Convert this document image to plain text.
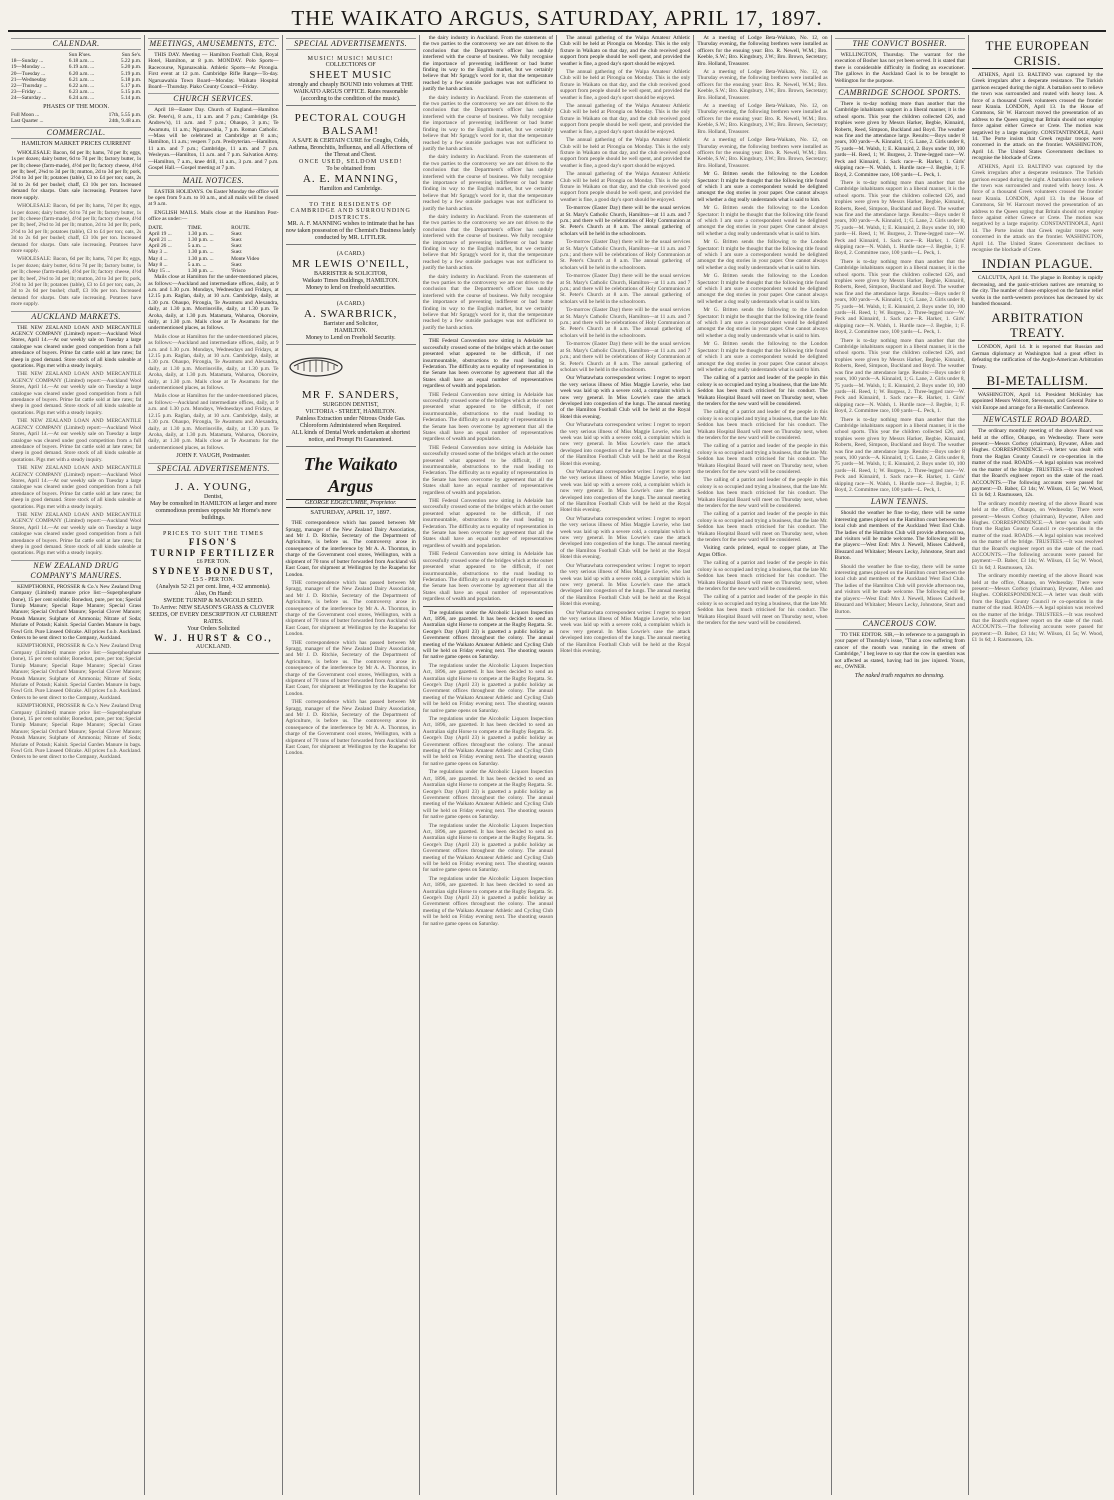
THE WAIKATO ARGUS, SATURDAY, APRIL 17, 1897.
CALENDAR.
	Sun R'ses.	Sun Se's.
18—Sunday ...	6.18 a.m. ...	5.22 p.m.
19—Monday ...	6.19 a.m. ...	5.20 p.m.
20—Tuesday ...	6.20 a.m. ...	5.19 p.m.
21—Wednesday	6.21 a.m. ...	5.18 p.m.
22—Thursday ...	6.22 a.m. ...	5.17 p.m.
23—Friday ...	6.23 a.m. ...	5.15 p.m.
24—Saturday ...	6.24 a.m. ...	5.14 p.m.
PHASES OF THE MOON.
Full Moon ...	17th, 5.55 p.m.
Last Quarter ...	24th, 9.48 a.m.
COMMERCIAL.
HAMILTON MARKET PRICES CURRENT

WHOLESALE: Bacon, 6d per lb; hams, 7d per lb; eggs, 1s per dozen; dairy butter, 6d to 7d per lb; factory butter, 1s per lb; cheese (farm-made), 4½d per lb; factory cheese, 4½d per lb; beef, 2¾d to 3d per lb; mutton, 2d to 3d per lb; pork, 2½d to 3d per lb; potatoes (table), £3 to £4 per ton; oats, 2s 3d to 2s 6d per bushel; chaff, £3 10s per ton. Increased demand for sharps. Oats sale increasing. Potatoes have more supply.

WHOLESALE: Bacon, 6d per lb; hams, 7d per lb; eggs, 1s per dozen; dairy butter, 6d to 7d per lb; factory butter, 1s per lb; cheese (farm-made), 4½d per lb; factory cheese, 4½d per lb; beef, 2¾d to 3d per lb; mutton, 2d to 3d per lb; pork, 2½d to 3d per lb; potatoes (table), £3 to £4 per ton; oats, 2s 3d to 2s 6d per bushel; chaff, £3 10s per ton. Increased demand for sharps. Oats sale increasing. Potatoes have more supply.

WHOLESALE: Bacon, 6d per lb; hams, 7d per lb; eggs, 1s per dozen; dairy butter, 6d to 7d per lb; factory butter, 1s per lb; cheese (farm-made), 4½d per lb; factory cheese, 4½d per lb; beef, 2¾d to 3d per lb; mutton, 2d to 3d per lb; pork, 2½d to 3d per lb; potatoes (table), £3 to £4 per ton; oats, 2s 3d to 2s 6d per bushel; chaff, £3 10s per ton. Increased demand for sharps. Oats sale increasing. Potatoes have more supply.

AUCKLAND MARKETS.

THE NEW ZEALAND LOAN AND MERCANTILE AGENCY COMPANY (Limited) report:—Auckland Wool Stores, April 14.—At our weekly sale on Tuesday a large catalogue was cleared under good competition from a full attendance of buyers. Prime fat cattle sold at late rates; fat sheep in good demand. Store stock of all kinds saleable at quotations. Pigs met with a steady inquiry.

THE NEW ZEALAND LOAN AND MERCANTILE AGENCY COMPANY (Limited) report:—Auckland Wool Stores, April 14.—At our weekly sale on Tuesday a large catalogue was cleared under good competition from a full attendance of buyers. Prime fat cattle sold at late rates; fat sheep in good demand. Store stock of all kinds saleable at quotations. Pigs met with a steady inquiry.

THE NEW ZEALAND LOAN AND MERCANTILE AGENCY COMPANY (Limited) report:—Auckland Wool Stores, April 14.—At our weekly sale on Tuesday a large catalogue was cleared under good competition from a full attendance of buyers. Prime fat cattle sold at late rates; fat sheep in good demand. Store stock of all kinds saleable at quotations. Pigs met with a steady inquiry.

THE NEW ZEALAND LOAN AND MERCANTILE AGENCY COMPANY (Limited) report:—Auckland Wool Stores, April 14.—At our weekly sale on Tuesday a large catalogue was cleared under good competition from a full attendance of buyers. Prime fat cattle sold at late rates; fat sheep in good demand. Store stock of all kinds saleable at quotations. Pigs met with a steady inquiry.

THE NEW ZEALAND LOAN AND MERCANTILE AGENCY COMPANY (Limited) report:—Auckland Wool Stores, April 14.—At our weekly sale on Tuesday a large catalogue was cleared under good competition from a full attendance of buyers. Prime fat cattle sold at late rates; fat sheep in good demand. Store stock of all kinds saleable at quotations. Pigs met with a steady inquiry.

NEW ZEALAND DRUG COMPANY'S MANURES.

KEMPTHORNE, PROSSER & Co.'s New Zealand Drug Company (Limited) manure price list:—Superphosphate (bone), 15 per cent soluble; Bonedust, pure, per ton; Special Turnip Manure; Special Rape Manure; Special Grass Manure; Special Orchard Manure; Special Clover Manure; Potash Manure; Sulphate of Ammonia; Nitrate of Soda; Muriate of Potash; Kainit. Special Garden Manure in bags. Fowl Grit. Pure Linseed Oilcake. All prices f.o.b. Auckland. Orders to be sent direct to the Company, Auckland.

KEMPTHORNE, PROSSER & Co.'s New Zealand Drug Company (Limited) manure price list:—Superphosphate (bone), 15 per cent soluble; Bonedust, pure, per ton; Special Turnip Manure; Special Rape Manure; Special Grass Manure; Special Orchard Manure; Special Clover Manure; Potash Manure; Sulphate of Ammonia; Nitrate of Soda; Muriate of Potash; Kainit. Special Garden Manure in bags. Fowl Grit. Pure Linseed Oilcake. All prices f.o.b. Auckland. Orders to be sent direct to the Company, Auckland.

KEMPTHORNE, PROSSER & Co.'s New Zealand Drug Company (Limited) manure price list:—Superphosphate (bone), 15 per cent soluble; Bonedust, pure, per ton; Special Turnip Manure; Special Rape Manure; Special Grass Manure; Special Orchard Manure; Special Clover Manure; Potash Manure; Sulphate of Ammonia; Nitrate of Soda; Muriate of Potash; Kainit. Special Garden Manure in bags. Fowl Grit. Pure Linseed Oilcake. All prices f.o.b. Auckland. Orders to be sent direct to the Company, Auckland.

MEETINGS, AMUSEMENTS, ETC.

THIS DAY. Meeting — Hamilton Football Club, Royal Hotel, Hamilton, at 8 p.m. MONDAY. Polo Sports—Racecourse, Ngaruawahia. Athletic Sports—At Pirongia. First event at 12 p.m. Cambridge Rifle Range—To-day. Ngaruawahia Town Board—Monday. Waikato Hospital Board—Thursday. Piako County Council—Friday.

CHURCH SERVICES.

April 18—Easter Day. Church of England.—Hamilton (St. Peter's), 8 a.m., 11 a.m. and 7 p.m.; Cambridge (St. Andrew's), 11 a.m. and 7 p.m.; Ohaupo, 3 p.m.; Te Awamutu, 11 a.m.; Ngaruawahia, 7 p.m. Roman Catholic.—Mass will be celebrated at Cambridge at 8 a.m.; Hamilton, 11 a.m.; vespers 7 p.m. Presbyterian.—Hamilton, 11 a.m. and 7 p.m.; Cambridge, 11 a.m. and 7 p.m. Wesleyan.—Hamilton, 11 a.m. and 7 p.m. Salvation Army.—Hamilton, 7 a.m., knee drill, 11 a.m., 3 p.m. and 7 p.m. Gospel Hall.—Gospel meeting at 7 p.m.

MAIL NOTICES.

EASTER HOLIDAYS. On Easter Monday the office will be open from 9 a.m. to 10 a.m., and all mails will be closed at 9 a.m.

ENGLISH MAILS. Mails close at the Hamilton Post-office as under:—

DATE.	TIME.	ROUTE.
April 19 ...	1.30 p.m. ...	Suez
April 21 ...	1.30 p.m. ...	Suez
April 26 ...	5 a.m. ...	Suez
May 3 ...	1.30 p.m. ...	Suez
May 4 ...	1.30 p.m. ...	Monte Video
May 8 ...	5 a.m. ...	Suez
May 15 ...	1.30 p.m. ...	'Frisco

Mails close at Hamilton for the under-mentioned places, as follows:—Auckland and intermediate offices, daily, at 9 a.m. and 1.30 p.m. Mondays, Wednesdays and Fridays, at 12.15 p.m. Raglan, daily, at 10 a.m. Cambridge, daily, at 1.30 p.m. Ohaupo, Pirongia, Te Awamutu and Alexandra, daily, at 1.30 p.m. Morrinsville, daily, at 1.30 p.m. Te Aroha, daily, at 1.30 p.m. Matamata, Waharoa, Okoroire, daily, at 1.30 p.m. Mails close at Te Awamutu for the undermentioned places, as follows.

Mails close at Hamilton for the under-mentioned places, as follows:—Auckland and intermediate offices, daily, at 9 a.m. and 1.30 p.m. Mondays, Wednesdays and Fridays, at 12.15 p.m. Raglan, daily, at 10 a.m. Cambridge, daily, at 1.30 p.m. Ohaupo, Pirongia, Te Awamutu and Alexandra, daily, at 1.30 p.m. Morrinsville, daily, at 1.30 p.m. Te Aroha, daily, at 1.30 p.m. Matamata, Waharoa, Okoroire, daily, at 1.30 p.m. Mails close at Te Awamutu for the undermentioned places, as follows.

Mails close at Hamilton for the under-mentioned places, as follows:—Auckland and intermediate offices, daily, at 9 a.m. and 1.30 p.m. Mondays, Wednesdays and Fridays, at 12.15 p.m. Raglan, daily, at 10 a.m. Cambridge, daily, at 1.30 p.m. Ohaupo, Pirongia, Te Awamutu and Alexandra, daily, at 1.30 p.m. Morrinsville, daily, at 1.30 p.m. Te Aroha, daily, at 1.30 p.m. Matamata, Waharoa, Okoroire, daily, at 1.30 p.m. Mails close at Te Awamutu for the undermentioned places, as follows.

JOHN F. VAUGH, Postmaster.
SPECIAL ADVERTISEMENTS.
J. A. YOUNG,
Dentist,
May be consulted in HAMILTON at larger and more commodious premises opposite Mr Horne's new buildings.
PRICES TO SUIT THE TIMES
FISON'S
TURNIP FERTILIZER
£6 PER TON.
SYDNEY BONEDUST,
£5 5 - PER TON.
(Analysis 52·21 per cent. lime, 4·32 ammonia).
Also, On Hand:
SWEDE TURNIP & MANGOLD SEED.
To Arrive: NEW SEASON'S GRASS & CLOVER SEEDS, OF EVERY DESCRIPTION AT CURRENT RATES.
Your Orders Solicited
W. J. HURST & CO.,
AUCKLAND.
SPECIAL ADVERTISEMENTS.
MUSIC! MUSIC! MUSIC!
COLLECTIONS OF
SHEET MUSIC
strongly and cheaply BOUND into volumes at THE WAIKATO ARGUS OFFICE. Rates reasonable (according to the condition of the music).
PECTORAL COUGH BALSAM!
A SAFE & CERTAIN CURE for Coughs, Colds, Asthma, Bronchitis, Influenza, and all Affections of the Throat and Chest.
ONCE USED, SELDOM USED!
To be obtained from
A. E. MANNING,
Hamilton and Cambridge.
TO THE RESIDENTS OF CAMBRIDGE AND SURROUNDING DISTRICTS.
MR. A. F. MANNING wishes to intimate that he has now taken possession of the Chemist's Business lately conducted by MR. LITTLER.
(A CARD.)
MR LEWIS O'NEILL,
BARRISTER & SOLICITOR,
Waikato Times Buildings, HAMILTON.
Money to lend on freehold securities.
(A CARD.)
A. SWARBRICK,
Barrister and Solicitor,
HAMILTON.
Money to Lend on Freehold Security.
MR F. SANDERS,
SURGEON DENTIST,
VICTORIA - STREET, HAMILTON.
Painless Extraction under Nitrous Oxide Gas. Chloroform Administered when Required.
ALL kinds of Dental Work undertaken at shortest notice, and Prompt Fit Guaranteed.
The Waikato Argus
GEORGE EDGECUMBE, Proprietor.
SATURDAY, APRIL 17, 1897.

THE correspondence which has passed between Mr Spragg, manager of the New Zealand Dairy Association, and Mr J. D. Ritchie, Secretary of the Department of Agriculture, is before us. The controversy arose in consequence of the interference by Mr A. A. Thornton, in charge of the Government cool stores, Wellington, with a shipment of 70 tons of butter forwarded from Auckland viâ East Coast, for shipment at Wellington by the Ruapehu for London.

THE correspondence which has passed between Mr Spragg, manager of the New Zealand Dairy Association, and Mr J. D. Ritchie, Secretary of the Department of Agriculture, is before us. The controversy arose in consequence of the interference by Mr A. A. Thornton, in charge of the Government cool stores, Wellington, with a shipment of 70 tons of butter forwarded from Auckland viâ East Coast, for shipment at Wellington by the Ruapehu for London.

THE correspondence which has passed between Mr Spragg, manager of the New Zealand Dairy Association, and Mr J. D. Ritchie, Secretary of the Department of Agriculture, is before us. The controversy arose in consequence of the interference by Mr A. A. Thornton, in charge of the Government cool stores, Wellington, with a shipment of 70 tons of butter forwarded from Auckland viâ East Coast, for shipment at Wellington by the Ruapehu for London.

THE correspondence which has passed between Mr Spragg, manager of the New Zealand Dairy Association, and Mr J. D. Ritchie, Secretary of the Department of Agriculture, is before us. The controversy arose in consequence of the interference by Mr A. A. Thornton, in charge of the Government cool stores, Wellington, with a shipment of 70 tons of butter forwarded from Auckland viâ East Coast, for shipment at Wellington by the Ruapehu for London.

the dairy industry in Auckland. From the statements of the two parties to the controversy we are not driven to the conclusion that the Department's officer has unduly interfered with the course of business. We fully recognise the importance of preventing indifferent or bad butter finding its way to the English market, but we certainly believe that Mr Spragg's word for it, that the temperature reached by a few outside packages was not sufficient to justify the harsh action.

the dairy industry in Auckland. From the statements of the two parties to the controversy we are not driven to the conclusion that the Department's officer has unduly interfered with the course of business. We fully recognise the importance of preventing indifferent or bad butter finding its way to the English market, but we certainly believe that Mr Spragg's word for it, that the temperature reached by a few outside packages was not sufficient to justify the harsh action.

the dairy industry in Auckland. From the statements of the two parties to the controversy we are not driven to the conclusion that the Department's officer has unduly interfered with the course of business. We fully recognise the importance of preventing indifferent or bad butter finding its way to the English market, but we certainly believe that Mr Spragg's word for it, that the temperature reached by a few outside packages was not sufficient to justify the harsh action.

the dairy industry in Auckland. From the statements of the two parties to the controversy we are not driven to the conclusion that the Department's officer has unduly interfered with the course of business. We fully recognise the importance of preventing indifferent or bad butter finding its way to the English market, but we certainly believe that Mr Spragg's word for it, that the temperature reached by a few outside packages was not sufficient to justify the harsh action.

the dairy industry in Auckland. From the statements of the two parties to the controversy we are not driven to the conclusion that the Department's officer has unduly interfered with the course of business. We fully recognise the importance of preventing indifferent or bad butter finding its way to the English market, but we certainly believe that Mr Spragg's word for it, that the temperature reached by a few outside packages was not sufficient to justify the harsh action.

THE Federal Convention now sitting in Adelaide has successfully crossed some of the bridges which at the outset presented what appeared to be difficult, if not insurmountable, obstructions to the road leading to Federation. The difficulty as to equality of representation in the Senate has been overcome by agreement that all the States shall have an equal number of representatives regardless of wealth and population.

THE Federal Convention now sitting in Adelaide has successfully crossed some of the bridges which at the outset presented what appeared to be difficult, if not insurmountable, obstructions to the road leading to Federation. The difficulty as to equality of representation in the Senate has been overcome by agreement that all the States shall have an equal number of representatives regardless of wealth and population.

THE Federal Convention now sitting in Adelaide has successfully crossed some of the bridges which at the outset presented what appeared to be difficult, if not insurmountable, obstructions to the road leading to Federation. The difficulty as to equality of representation in the Senate has been overcome by agreement that all the States shall have an equal number of representatives regardless of wealth and population.

THE Federal Convention now sitting in Adelaide has successfully crossed some of the bridges which at the outset presented what appeared to be difficult, if not insurmountable, obstructions to the road leading to Federation. The difficulty as to equality of representation in the Senate has been overcome by agreement that all the States shall have an equal number of representatives regardless of wealth and population.

THE Federal Convention now sitting in Adelaide has successfully crossed some of the bridges which at the outset presented what appeared to be difficult, if not insurmountable, obstructions to the road leading to Federation. The difficulty as to equality of representation in the Senate has been overcome by agreement that all the States shall have an equal number of representatives regardless of wealth and population.

The regulations under the Alcoholic Liquors Inspection Act, 1896, are gazetted. It has been decided to send an Australian sight Horse to compete at the Rugby Regatta. St. George's Day (April 23) is gazetted a public holiday as Government offices throughout the colony. The annual meeting of the Waikato Amateur Athletic and Cycling Club will be held on Friday evening next. The shooting season for native game opens on Saturday.

The regulations under the Alcoholic Liquors Inspection Act, 1896, are gazetted. It has been decided to send an Australian sight Horse to compete at the Rugby Regatta. St. George's Day (April 23) is gazetted a public holiday as Government offices throughout the colony. The annual meeting of the Waikato Amateur Athletic and Cycling Club will be held on Friday evening next. The shooting season for native game opens on Saturday.

The regulations under the Alcoholic Liquors Inspection Act, 1896, are gazetted. It has been decided to send an Australian sight Horse to compete at the Rugby Regatta. St. George's Day (April 23) is gazetted a public holiday as Government offices throughout the colony. The annual meeting of the Waikato Amateur Athletic and Cycling Club will be held on Friday evening next. The shooting season for native game opens on Saturday.

The regulations under the Alcoholic Liquors Inspection Act, 1896, are gazetted. It has been decided to send an Australian sight Horse to compete at the Rugby Regatta. St. George's Day (April 23) is gazetted a public holiday as Government offices throughout the colony. The annual meeting of the Waikato Amateur Athletic and Cycling Club will be held on Friday evening next. The shooting season for native game opens on Saturday.

The regulations under the Alcoholic Liquors Inspection Act, 1896, are gazetted. It has been decided to send an Australian sight Horse to compete at the Rugby Regatta. St. George's Day (April 23) is gazetted a public holiday as Government offices throughout the colony. The annual meeting of the Waikato Amateur Athletic and Cycling Club will be held on Friday evening next. The shooting season for native game opens on Saturday.

The regulations under the Alcoholic Liquors Inspection Act, 1896, are gazetted. It has been decided to send an Australian sight Horse to compete at the Rugby Regatta. St. George's Day (April 23) is gazetted a public holiday as Government offices throughout the colony. The annual meeting of the Waikato Amateur Athletic and Cycling Club will be held on Friday evening next. The shooting season for native game opens on Saturday.

The annual gathering of the Waipa Amateur Athletic Club will be held at Pirongia on Monday. This is the only fixture in Waikato on that day, and the club received good support from people should be well spent, and provided the weather is fine, a good day's sport should be enjoyed.

The annual gathering of the Waipa Amateur Athletic Club will be held at Pirongia on Monday. This is the only fixture in Waikato on that day, and the club received good support from people should be well spent, and provided the weather is fine, a good day's sport should be enjoyed.

The annual gathering of the Waipa Amateur Athletic Club will be held at Pirongia on Monday. This is the only fixture in Waikato on that day, and the club received good support from people should be well spent, and provided the weather is fine, a good day's sport should be enjoyed.

The annual gathering of the Waipa Amateur Athletic Club will be held at Pirongia on Monday. This is the only fixture in Waikato on that day, and the club received good support from people should be well spent, and provided the weather is fine, a good day's sport should be enjoyed.

The annual gathering of the Waipa Amateur Athletic Club will be held at Pirongia on Monday. This is the only fixture in Waikato on that day, and the club received good support from people should be well spent, and provided the weather is fine, a good day's sport should be enjoyed.

To-morrow (Easter Day) there will be the usual services at St. Mary's Catholic Church, Hamilton—at 11 a.m. and 7 p.m.; and there will be celebrations of Holy Communion at St. Peter's Church at 8 a.m. The annual gathering of scholars will be held in the schoolroom.

To-morrow (Easter Day) there will be the usual services at St. Mary's Catholic Church, Hamilton—at 11 a.m. and 7 p.m.; and there will be celebrations of Holy Communion at St. Peter's Church at 8 a.m. The annual gathering of scholars will be held in the schoolroom.

To-morrow (Easter Day) there will be the usual services at St. Mary's Catholic Church, Hamilton—at 11 a.m. and 7 p.m.; and there will be celebrations of Holy Communion at St. Peter's Church at 8 a.m. The annual gathering of scholars will be held in the schoolroom.

To-morrow (Easter Day) there will be the usual services at St. Mary's Catholic Church, Hamilton—at 11 a.m. and 7 p.m.; and there will be celebrations of Holy Communion at St. Peter's Church at 8 a.m. The annual gathering of scholars will be held in the schoolroom.

To-morrow (Easter Day) there will be the usual services at St. Mary's Catholic Church, Hamilton—at 11 a.m. and 7 p.m.; and there will be celebrations of Holy Communion at St. Peter's Church at 8 a.m. The annual gathering of scholars will be held in the schoolroom.

Our Whatawhata correspondent writes: I regret to report the very serious illness of Miss Maggie Lowrie, who last week was laid up with a severe cold, a complaint which is now very general. In Miss Lowrie's case the attack developed into congestion of the lungs. The annual meeting of the Hamilton Football Club will be held at the Royal Hotel this evening.

Our Whatawhata correspondent writes: I regret to report the very serious illness of Miss Maggie Lowrie, who last week was laid up with a severe cold, a complaint which is now very general. In Miss Lowrie's case the attack developed into congestion of the lungs. The annual meeting of the Hamilton Football Club will be held at the Royal Hotel this evening.

Our Whatawhata correspondent writes: I regret to report the very serious illness of Miss Maggie Lowrie, who last week was laid up with a severe cold, a complaint which is now very general. In Miss Lowrie's case the attack developed into congestion of the lungs. The annual meeting of the Hamilton Football Club will be held at the Royal Hotel this evening.

Our Whatawhata correspondent writes: I regret to report the very serious illness of Miss Maggie Lowrie, who last week was laid up with a severe cold, a complaint which is now very general. In Miss Lowrie's case the attack developed into congestion of the lungs. The annual meeting of the Hamilton Football Club will be held at the Royal Hotel this evening.

Our Whatawhata correspondent writes: I regret to report the very serious illness of Miss Maggie Lowrie, who last week was laid up with a severe cold, a complaint which is now very general. In Miss Lowrie's case the attack developed into congestion of the lungs. The annual meeting of the Hamilton Football Club will be held at the Royal Hotel this evening.

Our Whatawhata correspondent writes: I regret to report the very serious illness of Miss Maggie Lowrie, who last week was laid up with a severe cold, a complaint which is now very general. In Miss Lowrie's case the attack developed into congestion of the lungs. The annual meeting of the Hamilton Football Club will be held at the Royal Hotel this evening.

At a meeting of Lodge Beta-Waikato, No. 12, on Thursday evening, the following brethren were installed as officers for the ensuing year: Bro. R. Newell, W.M.; Bro. Keeble, S.W.; Bro. Kingsbury, J.W.; Bro. Brown, Secretary; Bro. Holland, Treasurer.

At a meeting of Lodge Beta-Waikato, No. 12, on Thursday evening, the following brethren were installed as officers for the ensuing year: Bro. R. Newell, W.M.; Bro. Keeble, S.W.; Bro. Kingsbury, J.W.; Bro. Brown, Secretary; Bro. Holland, Treasurer.

At a meeting of Lodge Beta-Waikato, No. 12, on Thursday evening, the following brethren were installed as officers for the ensuing year: Bro. R. Newell, W.M.; Bro. Keeble, S.W.; Bro. Kingsbury, J.W.; Bro. Brown, Secretary; Bro. Holland, Treasurer.

At a meeting of Lodge Beta-Waikato, No. 12, on Thursday evening, the following brethren were installed as officers for the ensuing year: Bro. R. Newell, W.M.; Bro. Keeble, S.W.; Bro. Kingsbury, J.W.; Bro. Brown, Secretary; Bro. Holland, Treasurer.

Mr G. Britten sends the following to the London Spectator: It might be thought that the following title found of which I am sure a correspondent would be delighted amongst the dog stories in your paper. One cannot always tell whether a dog really understands what is said to him.

Mr G. Britten sends the following to the London Spectator: It might be thought that the following title found of which I am sure a correspondent would be delighted amongst the dog stories in your paper. One cannot always tell whether a dog really understands what is said to him.

Mr G. Britten sends the following to the London Spectator: It might be thought that the following title found of which I am sure a correspondent would be delighted amongst the dog stories in your paper. One cannot always tell whether a dog really understands what is said to him.

Mr G. Britten sends the following to the London Spectator: It might be thought that the following title found of which I am sure a correspondent would be delighted amongst the dog stories in your paper. One cannot always tell whether a dog really understands what is said to him.

Mr G. Britten sends the following to the London Spectator: It might be thought that the following title found of which I am sure a correspondent would be delighted amongst the dog stories in your paper. One cannot always tell whether a dog really understands what is said to him.

Mr G. Britten sends the following to the London Spectator: It might be thought that the following title found of which I am sure a correspondent would be delighted amongst the dog stories in your paper. One cannot always tell whether a dog really understands what is said to him.

The calling of a patriot and leader of the people in this colony is so occupied and trying a business, that the late Mr. Seddon has been much criticised for his conduct. The Waikato Hospital Board will meet on Thursday next, when the tenders for the new ward will be considered.

The calling of a patriot and leader of the people in this colony is so occupied and trying a business, that the late Mr. Seddon has been much criticised for his conduct. The Waikato Hospital Board will meet on Thursday next, when the tenders for the new ward will be considered.

The calling of a patriot and leader of the people in this colony is so occupied and trying a business, that the late Mr. Seddon has been much criticised for his conduct. The Waikato Hospital Board will meet on Thursday next, when the tenders for the new ward will be considered.

The calling of a patriot and leader of the people in this colony is so occupied and trying a business, that the late Mr. Seddon has been much criticised for his conduct. The Waikato Hospital Board will meet on Thursday next, when the tenders for the new ward will be considered.

The calling of a patriot and leader of the people in this colony is so occupied and trying a business, that the late Mr. Seddon has been much criticised for his conduct. The Waikato Hospital Board will meet on Thursday next, when the tenders for the new ward will be considered.

Visiting cards printed, equal to copper plate, at The Argus Office.

The calling of a patriot and leader of the people in this colony is so occupied and trying a business, that the late Mr. Seddon has been much criticised for his conduct. The Waikato Hospital Board will meet on Thursday next, when the tenders for the new ward will be considered.

The calling of a patriot and leader of the people in this colony is so occupied and trying a business, that the late Mr. Seddon has been much criticised for his conduct. The Waikato Hospital Board will meet on Thursday next, when the tenders for the new ward will be considered.

THE CONVICT BOSHER.

WELLINGTON, Thursday. The warrant for the execution of Bosher has not yet been served. It is stated that there is considerable difficulty in finding an executioner. The gallows in the Auckland Gaol is to be brought to Wellington for the purpose.

CAMBRIDGE SCHOOL SPORTS.

There is to-day nothing more than another that the Cambridge inhabitants support in a liberal manner, it is the school sports. This year the children collected £26, and trophies were given by Messrs Harker, Begbie, Kinnaird, Roberts, Reed, Simpson, Buckland and Boyd. The weather was fine and the attendance large. Results:—Boys under 8 years, 100 yards—A. Kinnaird, 1; G. Lane, 2. Girls under 8, 75 yards—M. Walsh, 1; E. Kinnaird, 2. Boys under 10, 100 yards—H. Reed, 1; W. Burgess, 2. Three-legged race—W. Peck and Kinnaird, 1. Sack race—R. Harker, 1. Girls' skipping race—N. Walsh, 1. Hurdle race—J. Begbie, 1; F. Boyd, 2. Committee race, 100 yards—L. Peck, 1.

There is to-day nothing more than another that the Cambridge inhabitants support in a liberal manner, it is the school sports. This year the children collected £26, and trophies were given by Messrs Harker, Begbie, Kinnaird, Roberts, Reed, Simpson, Buckland and Boyd. The weather was fine and the attendance large. Results:—Boys under 8 years, 100 yards—A. Kinnaird, 1; G. Lane, 2. Girls under 8, 75 yards—M. Walsh, 1; E. Kinnaird, 2. Boys under 10, 100 yards—H. Reed, 1; W. Burgess, 2. Three-legged race—W. Peck and Kinnaird, 1. Sack race—R. Harker, 1. Girls' skipping race—N. Walsh, 1. Hurdle race—J. Begbie, 1; F. Boyd, 2. Committee race, 100 yards—L. Peck, 1.

There is to-day nothing more than another that the Cambridge inhabitants support in a liberal manner, it is the school sports. This year the children collected £26, and trophies were given by Messrs Harker, Begbie, Kinnaird, Roberts, Reed, Simpson, Buckland and Boyd. The weather was fine and the attendance large. Results:—Boys under 8 years, 100 yards—A. Kinnaird, 1; G. Lane, 2. Girls under 8, 75 yards—M. Walsh, 1; E. Kinnaird, 2. Boys under 10, 100 yards—H. Reed, 1; W. Burgess, 2. Three-legged race—W. Peck and Kinnaird, 1. Sack race—R. Harker, 1. Girls' skipping race—N. Walsh, 1. Hurdle race—J. Begbie, 1; F. Boyd, 2. Committee race, 100 yards—L. Peck, 1.

There is to-day nothing more than another that the Cambridge inhabitants support in a liberal manner, it is the school sports. This year the children collected £26, and trophies were given by Messrs Harker, Begbie, Kinnaird, Roberts, Reed, Simpson, Buckland and Boyd. The weather was fine and the attendance large. Results:—Boys under 8 years, 100 yards—A. Kinnaird, 1; G. Lane, 2. Girls under 8, 75 yards—M. Walsh, 1; E. Kinnaird, 2. Boys under 10, 100 yards—H. Reed, 1; W. Burgess, 2. Three-legged race—W. Peck and Kinnaird, 1. Sack race—R. Harker, 1. Girls' skipping race—N. Walsh, 1. Hurdle race—J. Begbie, 1; F. Boyd, 2. Committee race, 100 yards—L. Peck, 1.

There is to-day nothing more than another that the Cambridge inhabitants support in a liberal manner, it is the school sports. This year the children collected £26, and trophies were given by Messrs Harker, Begbie, Kinnaird, Roberts, Reed, Simpson, Buckland and Boyd. The weather was fine and the attendance large. Results:—Boys under 8 years, 100 yards—A. Kinnaird, 1; G. Lane, 2. Girls under 8, 75 yards—M. Walsh, 1; E. Kinnaird, 2. Boys under 10, 100 yards—H. Reed, 1; W. Burgess, 2. Three-legged race—W. Peck and Kinnaird, 1. Sack race—R. Harker, 1. Girls' skipping race—N. Walsh, 1. Hurdle race—J. Begbie, 1; F. Boyd, 2. Committee race, 100 yards—L. Peck, 1.

LAWN TENNIS.

Should the weather be fine to-day, there will be some interesting games played on the Hamilton court between the local club and members of the Auckland West End Club. The ladies of the Hamilton Club will provide afternoon tea, and visitors will be made welcome. The following will be the players:—West End: Mrs J. Newell, Misses Caldwell, Bleazard and Whitaker; Messrs Lecky, Johnstone, Sturt and Burton.

Should the weather be fine to-day, there will be some interesting games played on the Hamilton court between the local club and members of the Auckland West End Club. The ladies of the Hamilton Club will provide afternoon tea, and visitors will be made welcome. The following will be the players:—West End: Mrs J. Newell, Misses Caldwell, Bleazard and Whitaker; Messrs Lecky, Johnstone, Sturt and Burton.

CANCEROUS COW.

TO THE EDITOR. SIR,—In reference to a paragraph in your paper of Thursday's issue, "That a cow suffering from cancer of the mouth was running in the streets of Cambridge," I beg leave to say that the cow in question was not affected as stated, having had its jaw injured. Yours, etc., OWNER.

The naked truth requires no dressing.
THE EUROPEAN CRISIS.

ATHENS, April 13. BALTINO was captured by the Greek irregulars after a desperate resistance. The Turkish garrison escaped during the night. A battalion sent to relieve the town was surrounded and routed with heavy loss. A force of a thousand Greek volunteers crossed the frontier near Krania. LONDON, April 13. In the House of Commons, Sir W. Harcourt moved the presentation of an address to the Queen urging that Britain should not employ force against either Greece or Crete. The motion was negatived by a large majority. CONSTANTINOPLE, April 14. The Porte insists that Greek regular troops were concerned in the attack on the frontier. WASHINGTON, April 14. The United States Government declines to recognise the blockade of Crete.

ATHENS, April 13. BALTINO was captured by the Greek irregulars after a desperate resistance. The Turkish garrison escaped during the night. A battalion sent to relieve the town was surrounded and routed with heavy loss. A force of a thousand Greek volunteers crossed the frontier near Krania. LONDON, April 13. In the House of Commons, Sir W. Harcourt moved the presentation of an address to the Queen urging that Britain should not employ force against either Greece or Crete. The motion was negatived by a large majority. CONSTANTINOPLE, April 14. The Porte insists that Greek regular troops were concerned in the attack on the frontier. WASHINGTON, April 14. The United States Government declines to recognise the blockade of Crete.

INDIAN PLAGUE.

CALCUTTA, April 14. The plague in Bombay is rapidly decreasing, and the panic-stricken natives are returning to the city. The number of those employed on the famine relief works in the north-western provinces has decreased by six hundred thousand.

ARBITRATION TREATY.

LONDON, April 14. It is reported that Russian and German diplomacy at Washington had a great effect in defeating the ratification of the Anglo-American Arbitration Treaty.

BI-METALLISM.

WASHINGTON, April 14. President McKinley has appointed Messrs Wolcott, Stevenson, and General Paine to visit Europe and arrange for a Bi-metallic Conference.

NEWCASTLE ROAD BOARD.

The ordinary monthly meeting of the above Board was held at the office, Ohaupo, on Wednesday. There were present:—Messrs Corboy (chairman), Bywater, Allen and Hughes. CORRESPONDENCE.—A letter was dealt with from the Raglan County Council re co-operation in the matter of the road. ROADS.—A legal opinion was received on the matter of the bridge. TRUSTEES.—It was resolved that the Board's engineer report on the state of the road. ACCOUNTS.—The following accounts were passed for payment:—D. Baber, £3 14s; W. Wilson, £1 5s; W. Wood, £1 1s 6d; J. Rasmussen, 12s.

The ordinary monthly meeting of the above Board was held at the office, Ohaupo, on Wednesday. There were present:—Messrs Corboy (chairman), Bywater, Allen and Hughes. CORRESPONDENCE.—A letter was dealt with from the Raglan County Council re co-operation in the matter of the road. ROADS.—A legal opinion was received on the matter of the bridge. TRUSTEES.—It was resolved that the Board's engineer report on the state of the road. ACCOUNTS.—The following accounts were passed for payment:—D. Baber, £3 14s; W. Wilson, £1 5s; W. Wood, £1 1s 6d; J. Rasmussen, 12s.

The ordinary monthly meeting of the above Board was held at the office, Ohaupo, on Wednesday. There were present:—Messrs Corboy (chairman), Bywater, Allen and Hughes. CORRESPONDENCE.—A letter was dealt with from the Raglan County Council re co-operation in the matter of the road. ROADS.—A legal opinion was received on the matter of the bridge. TRUSTEES.—It was resolved that the Board's engineer report on the state of the road. ACCOUNTS.—The following accounts were passed for payment:—D. Baber, £3 14s; W. Wilson, £1 5s; W. Wood, £1 1s 6d; J. Rasmussen, 12s.
